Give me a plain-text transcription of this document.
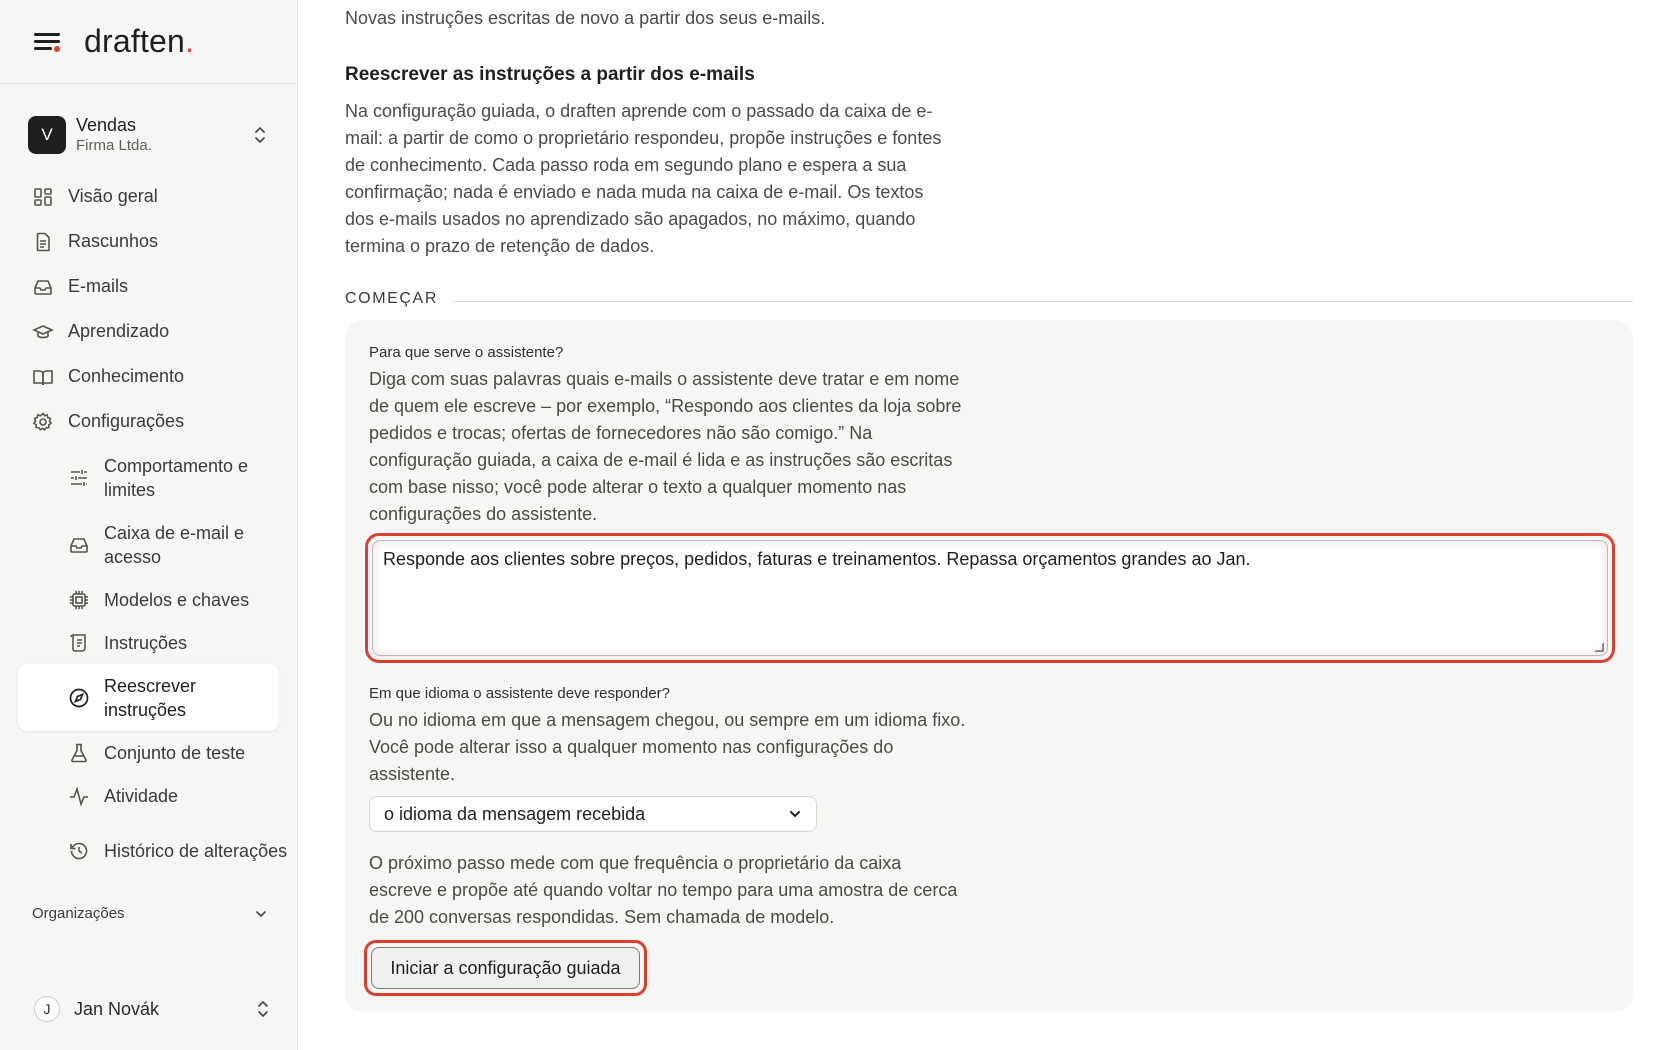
draften.
V	Vendas
Firma Ltda.
Visão geral
Rascunhos
E-mails
Aprendizado
Conhecimento
Configurações
Comportamento e limites
Caixa de e-mail e acesso
Modelos e chaves
Instruções
Reescrever instruções
Conjunto de teste
Atividade
Histórico de alterações
Organizações
J	Jan Novák
Novas instruções escritas de novo a partir dos seus e-mails.
Reescrever as instruções a partir dos e-mails

Na configuração guiada, o draften aprende com o passado da caixa de e-mail: a partir de como o proprietário respondeu, propõe instruções e fontes de conhecimento. Cada passo roda em segundo plano e espera a sua confirmação; nada é enviado e nada muda na caixa de e-mail. Os textos dos e-mails usados no aprendizado são apagados, no máximo, quando termina o prazo de retenção de dados.

COMEÇAR
Para que serve o assistente?

Diga com suas palavras quais e-mails o assistente deve tratar e em nome de quem ele escreve – por exemplo, “Respondo aos clientes da loja sobre pedidos e trocas; ofertas de fornecedores não são comigo.” Na configuração guiada, a caixa de e-mail é lida e as instruções são escritas com base nisso; você pode alterar o texto a qualquer momento nas configurações do assistente.

Responde aos clientes sobre preços, pedidos, faturas e treinamentos. Repassa orçamentos grandes ao Jan.
Em que idioma o assistente deve responder?

Ou no idioma em que a mensagem chegou, ou sempre em um idioma fixo. Você pode alterar isso a qualquer momento nas configurações do assistente.

o idioma da mensagem recebida

O próximo passo mede com que frequência o proprietário da caixa escreve e propõe até quando voltar no tempo para uma amostra de cerca de 200 conversas respondidas. Sem chamada de modelo.

Iniciar a configuração guiada
